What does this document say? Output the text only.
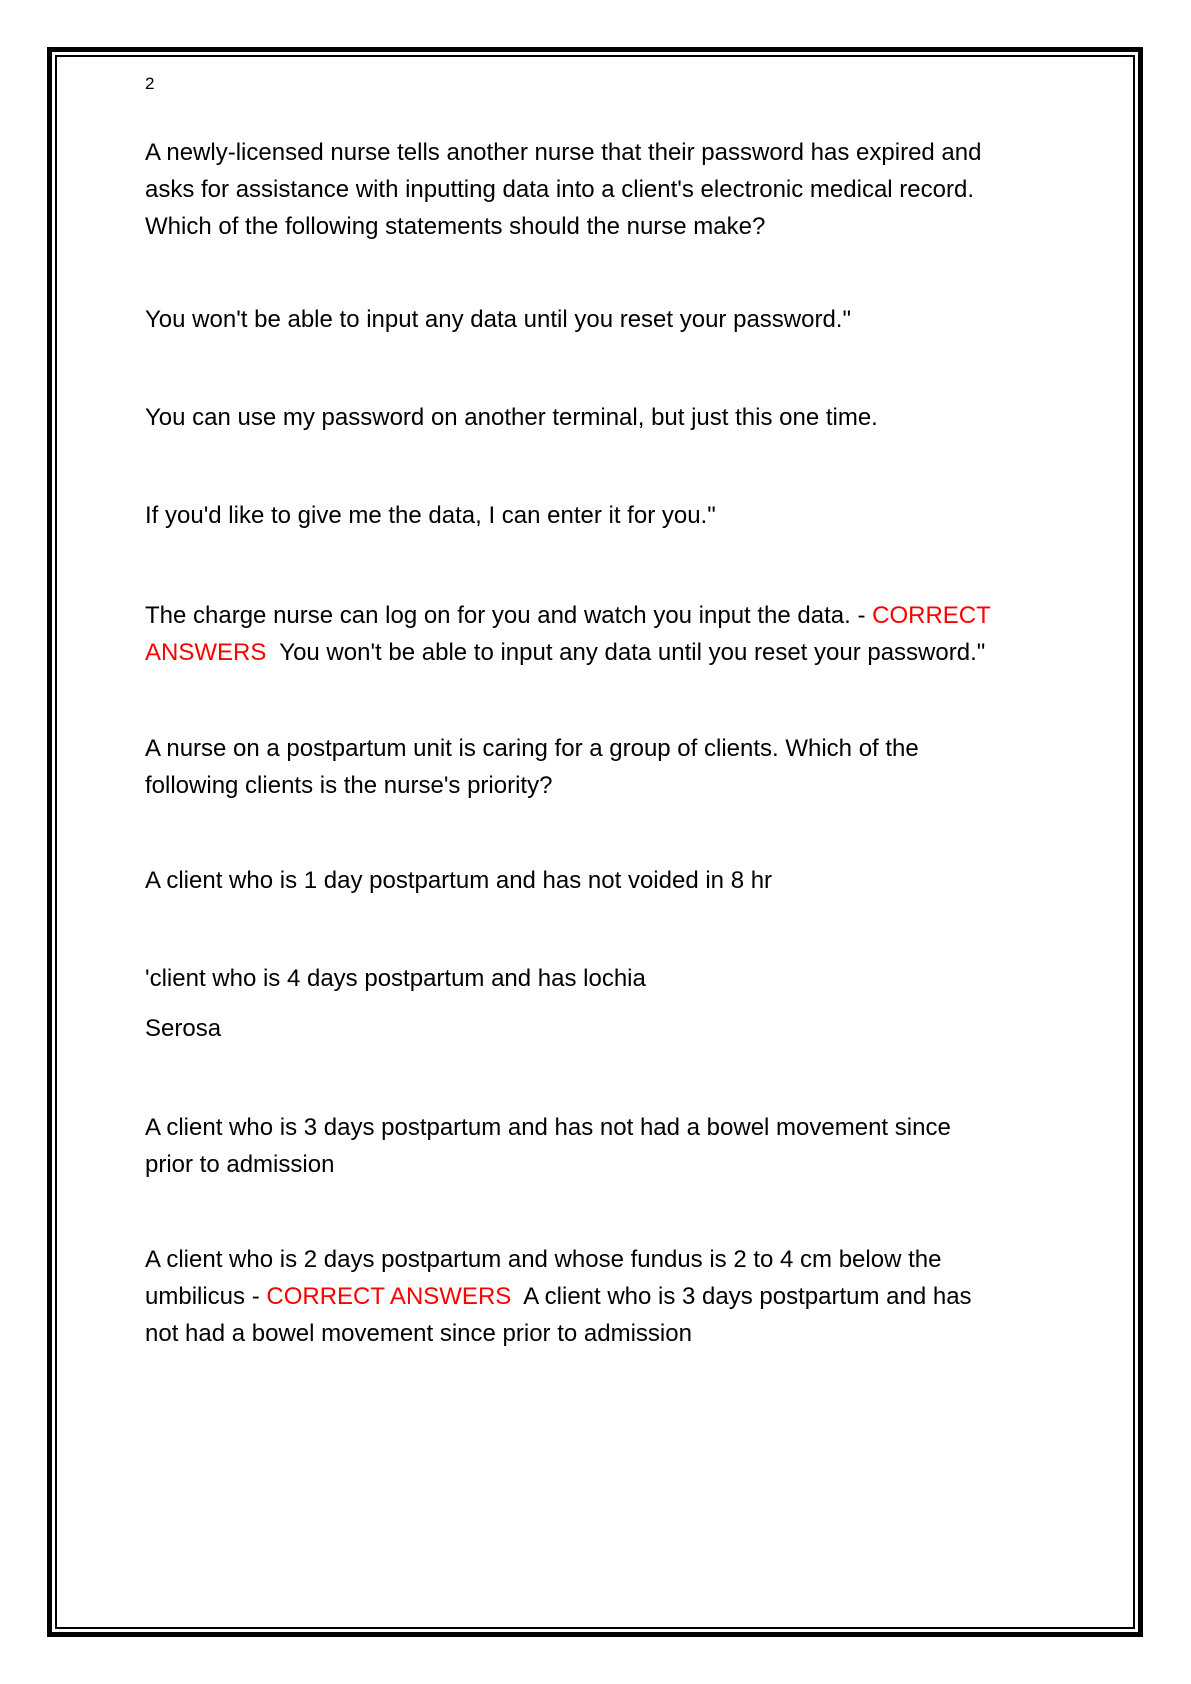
2

A newly-licensed nurse tells another nurse that their password has expired and asks for assistance with inputting data into a client's electronic medical record. Which of the following statements should the nurse make?

You won't be able to input any data until you reset your password."

You can use my password on another terminal, but just this one time.

If you'd like to give me the data, I can enter it for you."

The charge nurse can log on for you and watch you input the data. - CORRECT ANSWERS You won't be able to input any data until you reset your password."

A nurse on a postpartum unit is caring for a group of clients. Which of the following clients is the nurse's priority?

A client who is 1 day postpartum and has not voided in 8 hr

'client who is 4 days postpartum and has lochia

Serosa

A client who is 3 days postpartum and has not had a bowel movement since prior to admission

A client who is 2 days postpartum and whose fundus is 2 to 4 cm below the umbilicus - CORRECT ANSWERS A client who is 3 days postpartum and has not had a bowel movement since prior to admission
